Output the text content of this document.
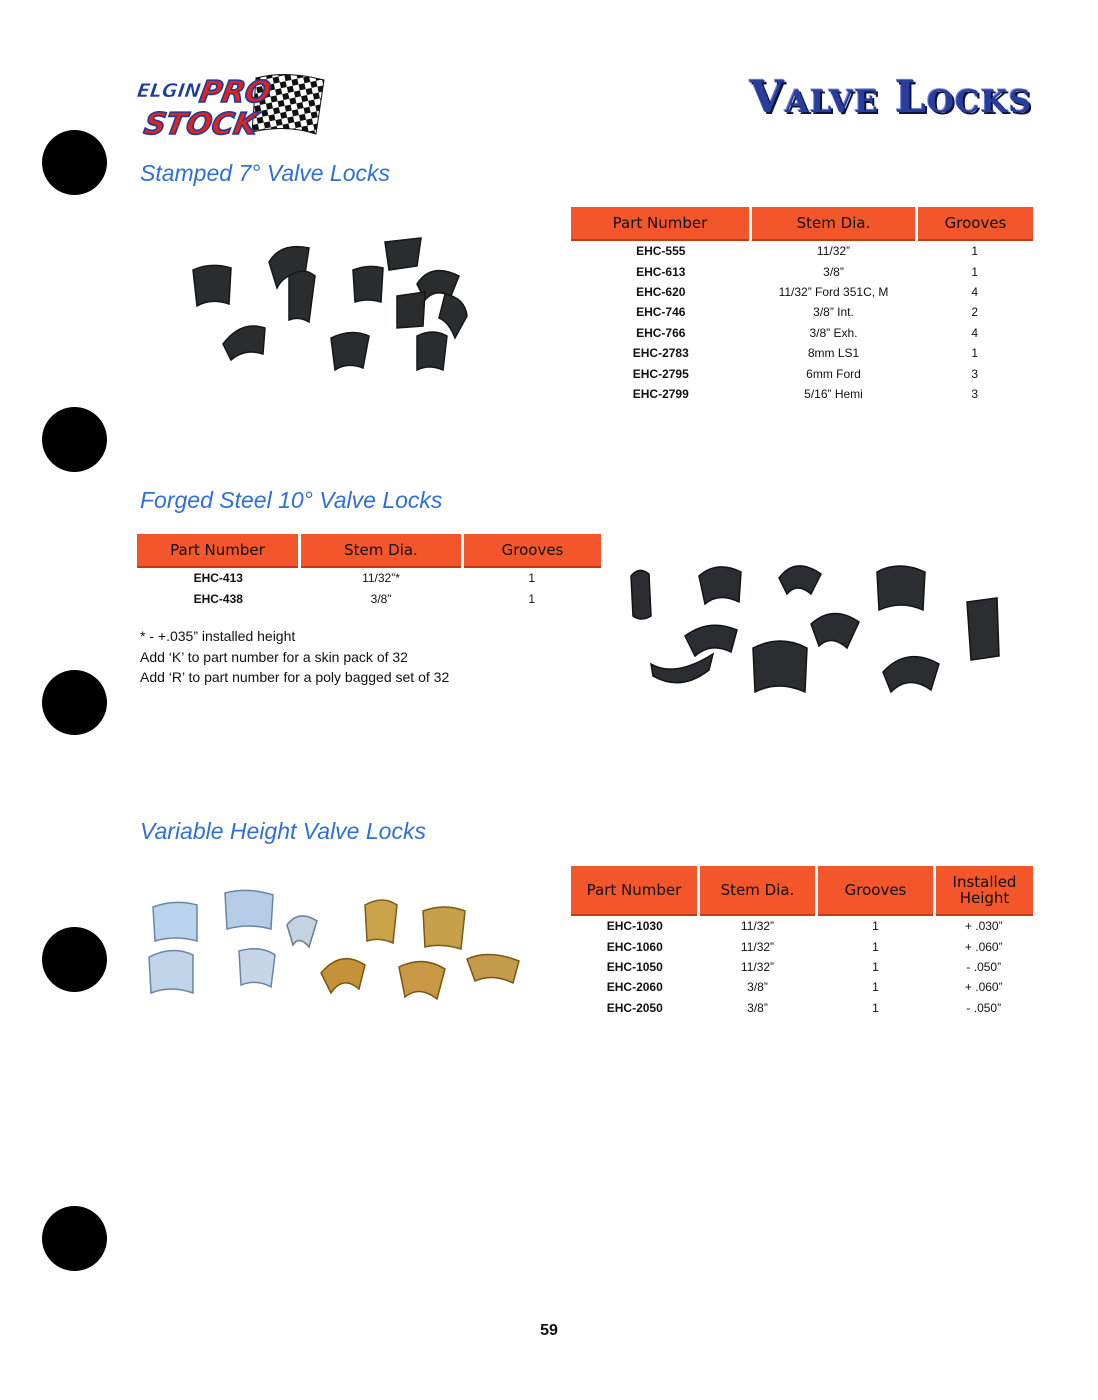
ELGIN
PRO
STOCK
Valve Locks
Stamped 7° Valve Locks
Part Number	Stem Dia.	Grooves
EHC-555	11/32”	1
EHC-613	3/8”	1
EHC-620	11/32” Ford 351C, M	4
EHC-746	3/8” Int.	2
EHC-766	3/8” Exh.	4
EHC-2783	8mm LS1	1
EHC-2795	6mm Ford	3
EHC-2799	5/16” Hemi	3
Forged Steel 10° Valve Locks
Part Number	Stem Dia.	Grooves
EHC-413	11/32”*	1
EHC-438	3/8”	1
* - +.035” installed height
Add ‘K’ to part number for a skin pack of 32
Add ‘R’ to part number for a poly bagged set of 32
Variable Height Valve Locks
Part Number	Stem Dia.	Grooves	Installed Height
EHC-1030	11/32”	1	+ .030”
EHC-1060	11/32”	1	+ .060”
EHC-1050	11/32”	1	- .050”
EHC-2060	3/8”	1	+ .060”
EHC-2050	3/8”	1	- .050”
59
